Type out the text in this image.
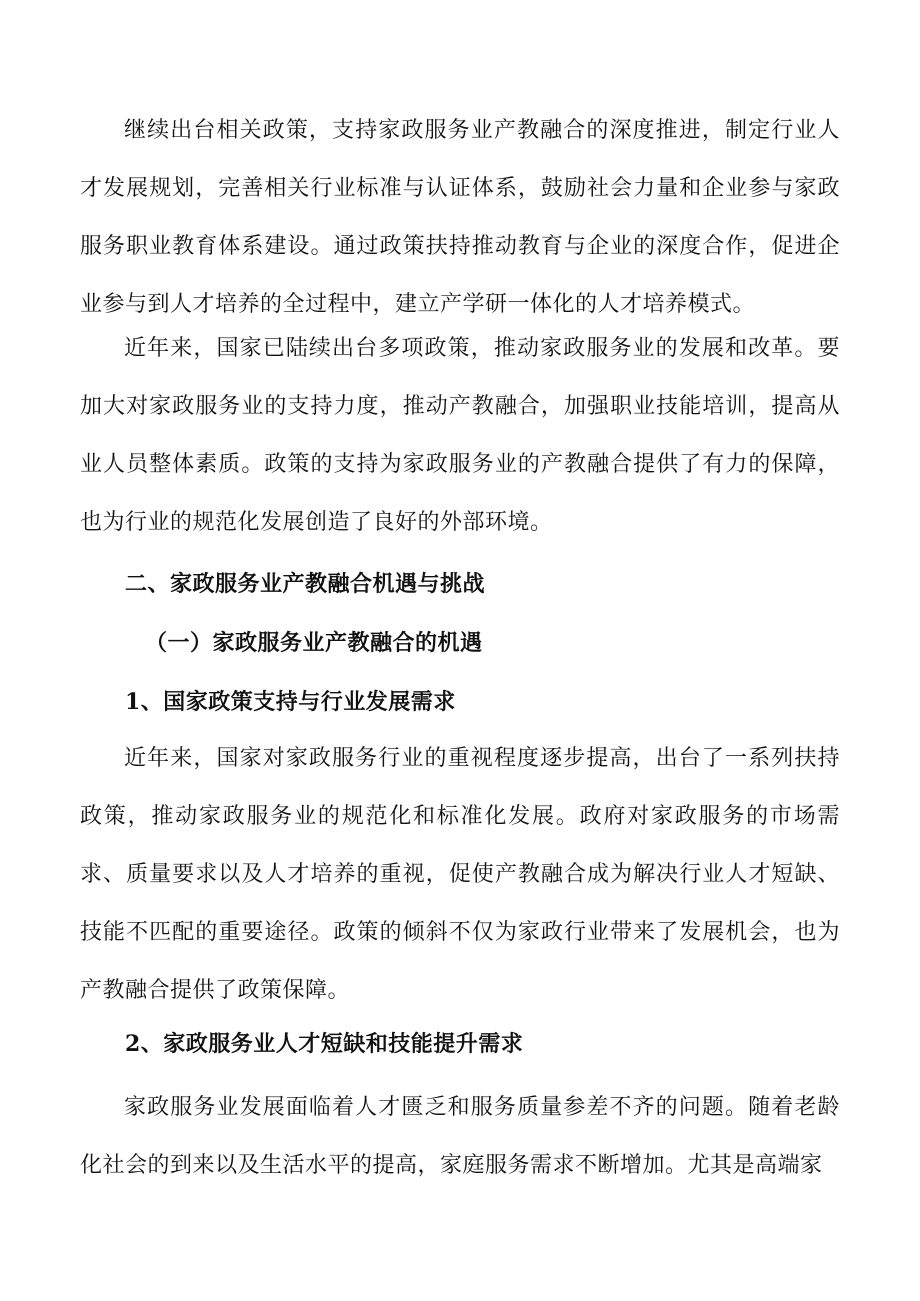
继续出台相关政策，支持家政服务业产教融合的深度推进，制定行业人才发展规划，完善相关行业标准与认证体系，鼓励社会力量和企业参与家政服务职业教育体系建设。通过政策扶持推动教育与企业的深度合作，促进企业参与到人才培养的全过程中，建立产学研一体化的人才培养模式。

近年来，国家已陆续出台多项政策，推动家政服务业的发展和改革。要加大对家政服务业的支持力度，推动产教融合，加强职业技能培训，提高从业人员整体素质。政策的支持为家政服务业的产教融合提供了有力的保障，也为行业的规范化发展创造了良好的外部环境。

二、家政服务业产教融合机遇与挑战
（一）家政服务业产教融合的机遇
1、国家政策支持与行业发展需求

近年来，国家对家政服务行业的重视程度逐步提高，出台了一系列扶持政策，推动家政服务业的规范化和标准化发展。政府对家政服务的市场需求、质量要求以及人才培养的重视，促使产教融合成为解决行业人才短缺、技能不匹配的重要途径。政策的倾斜不仅为家政行业带来了发展机会，也为产教融合提供了政策保障。

2、家政服务业人才短缺和技能提升需求

家政服务业发展面临着人才匮乏和服务质量参差不齐的问题。随着老龄化社会的到来以及生活水平的提高，家庭服务需求不断增加。尤其是高端家
